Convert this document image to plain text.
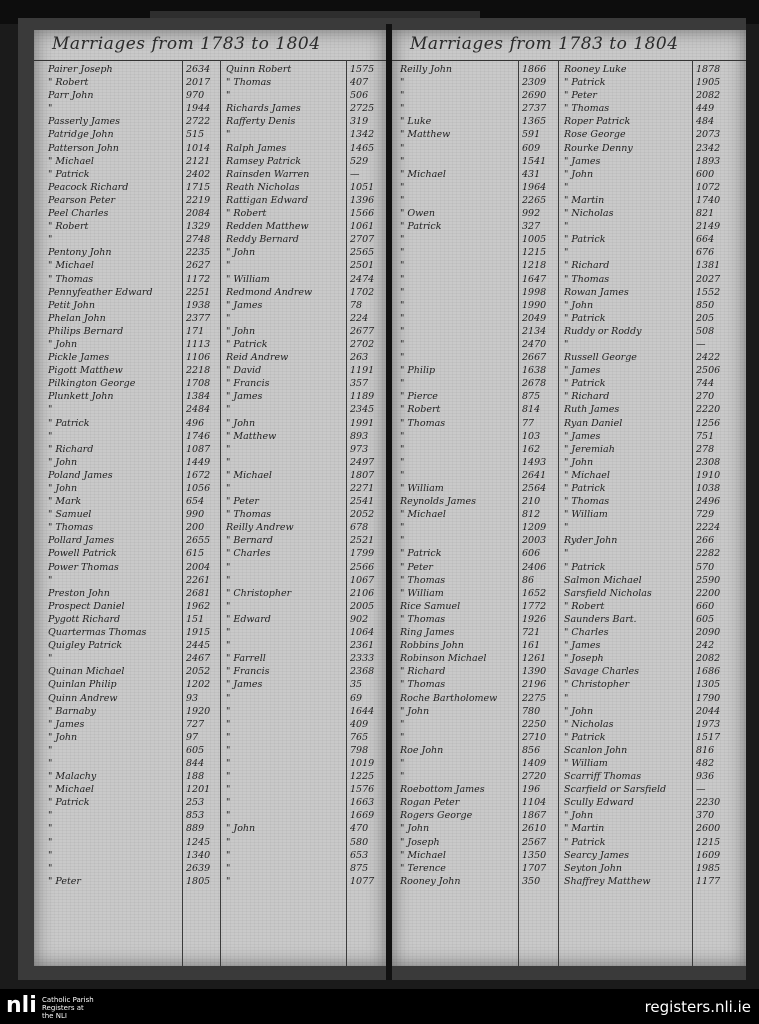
Marriages from 1783 to 1804
Pairer Joseph	2634	Quinn Robert	1575
" Robert	2017	" Thomas	407
Parr John	970	"	506
"	1944	Richards James	2725
Passerly James	2722	Rafferty Denis	319
Patridge John	515	"	1342
Patterson John	1014	Ralph James	1465
" Michael	2121	Ramsey Patrick	529
" Patrick	2402	Rainsden Warren	—
Peacock Richard	1715	Reath Nicholas	1051
Pearson Peter	2219	Rattigan Edward	1396
Peel Charles	2084	" Robert	1566
" Robert	1329	Redden Matthew	1061
"	2748	Reddy Bernard	2707
Pentony John	2235	" John	2565
" Michael	2627	"	2501
" Thomas	1172	" William	2474
Pennyfeather Edward	2251	Redmond Andrew	1702
Petit John	1938	" James	78
Phelan John	2377	"	224
Philips Bernard	171	" John	2677
" John	1113	" Patrick	2702
Pickle James	1106	Reid Andrew	263
Pigott Matthew	2218	" David	1191
Pilkington George	1708	" Francis	357
Plunkett John	1384	" James	1189
"	2484	"	2345
" Patrick	496	" John	1991
"	1746	" Matthew	893
" Richard	1087	"	973
" John	1449	"	2497
Poland James	1672	" Michael	1807
" John	1056	"	2271
" Mark	654	" Peter	2541
" Samuel	990	" Thomas	2052
" Thomas	200	Reilly Andrew	678
Pollard James	2655	" Bernard	2521
Powell Patrick	615	" Charles	1799
Power Thomas	2004	"	2566
"	2261	"	1067
Preston John	2681	" Christopher	2106
Prospect Daniel	1962	"	2005
Pygott Richard	151	" Edward	902
Quartermas Thomas	1915	"	1064
Quigley Patrick	2445	"	2361
"	2467	" Farrell	2333
Quinan Michael	2052	" Francis	2368
Quinlan Philip	1202	" James	35
Quinn Andrew	93	"	69
" Barnaby	1920	"	1644
" James	727	"	409
" John	97	"	765
"	605	"	798
"	844	"	1019
" Malachy	188	"	1225
" Michael	1201	"	1576
" Patrick	253	"	1663
"	853	"	1669
"	889	" John	470
"	1245	"	580
"	1340	"	653
"	2639	"	875
" Peter	1805	"	1077
Marriages from 1783 to 1804
Reilly John	1866	Rooney Luke	1878
"	2309	" Patrick	1905
"	2690	" Peter	2082
"	2737	" Thomas	449
" Luke	1365	Roper Patrick	484
" Matthew	591	Rose George	2073
"	609	Rourke Denny	2342
"	1541	" James	1893
" Michael	431	" John	600
"	1964	"	1072
"	2265	" Martin	1740
" Owen	992	" Nicholas	821
" Patrick	327	"	2149
"	1005	" Patrick	664
"	1215	"	676
"	1218	" Richard	1381
"	1647	" Thomas	2027
"	1998	Rowan James	1552
"	1990	" John	850
"	2049	" Patrick	205
"	2134	Ruddy or Roddy	508
"	2470	"	—
"	2667	Russell George	2422
" Philip	1638	" James	2506
"	2678	" Patrick	744
" Pierce	875	" Richard	270
" Robert	814	Ruth James	2220
" Thomas	77	Ryan Daniel	1256
"	103	" James	751
"	162	" Jeremiah	278
"	1493	" John	2308
"	2641	" Michael	1910
" William	2564	" Patrick	1038
Reynolds James	210	" Thomas	2496
" Michael	812	" William	729
"	1209	"	2224
"	2003	Ryder John	266
" Patrick	606	"	2282
" Peter	2406	" Patrick	570
" Thomas	86	Salmon Michael	2590
" William	1652	Sarsfield Nicholas	2200
Rice Samuel	1772	" Robert	660
" Thomas	1926	Saunders Bart.	605
Ring James	721	" Charles	2090
Robbins John	161	" James	242
Robinson Michael	1261	" Joseph	2082
" Richard	1390	Savage Charles	1686
" Thomas	2196	" Christopher	1305
Roche Bartholomew	2275	"	1790
" John	780	" John	2044
"	2250	" Nicholas	1973
"	2710	" Patrick	1517
Roe John	856	Scanlon John	816
"	1409	" William	482
"	2720	Scarriff Thomas	936
Roebottom James	196	Scarfield or Sarsfield	—
Rogan Peter	1104	Scully Edward	2230
Rogers George	1867	" John	370
" John	2610	" Martin	2600
" Joseph	2567	" Patrick	1215
" Michael	1350	Searcy James	1609
" Terence	1707	Seyton John	1985
Rooney John	350	Shaffrey Matthew	1177
nli Catholic Parish
Registers at
the NLI	registers.nli.ie
